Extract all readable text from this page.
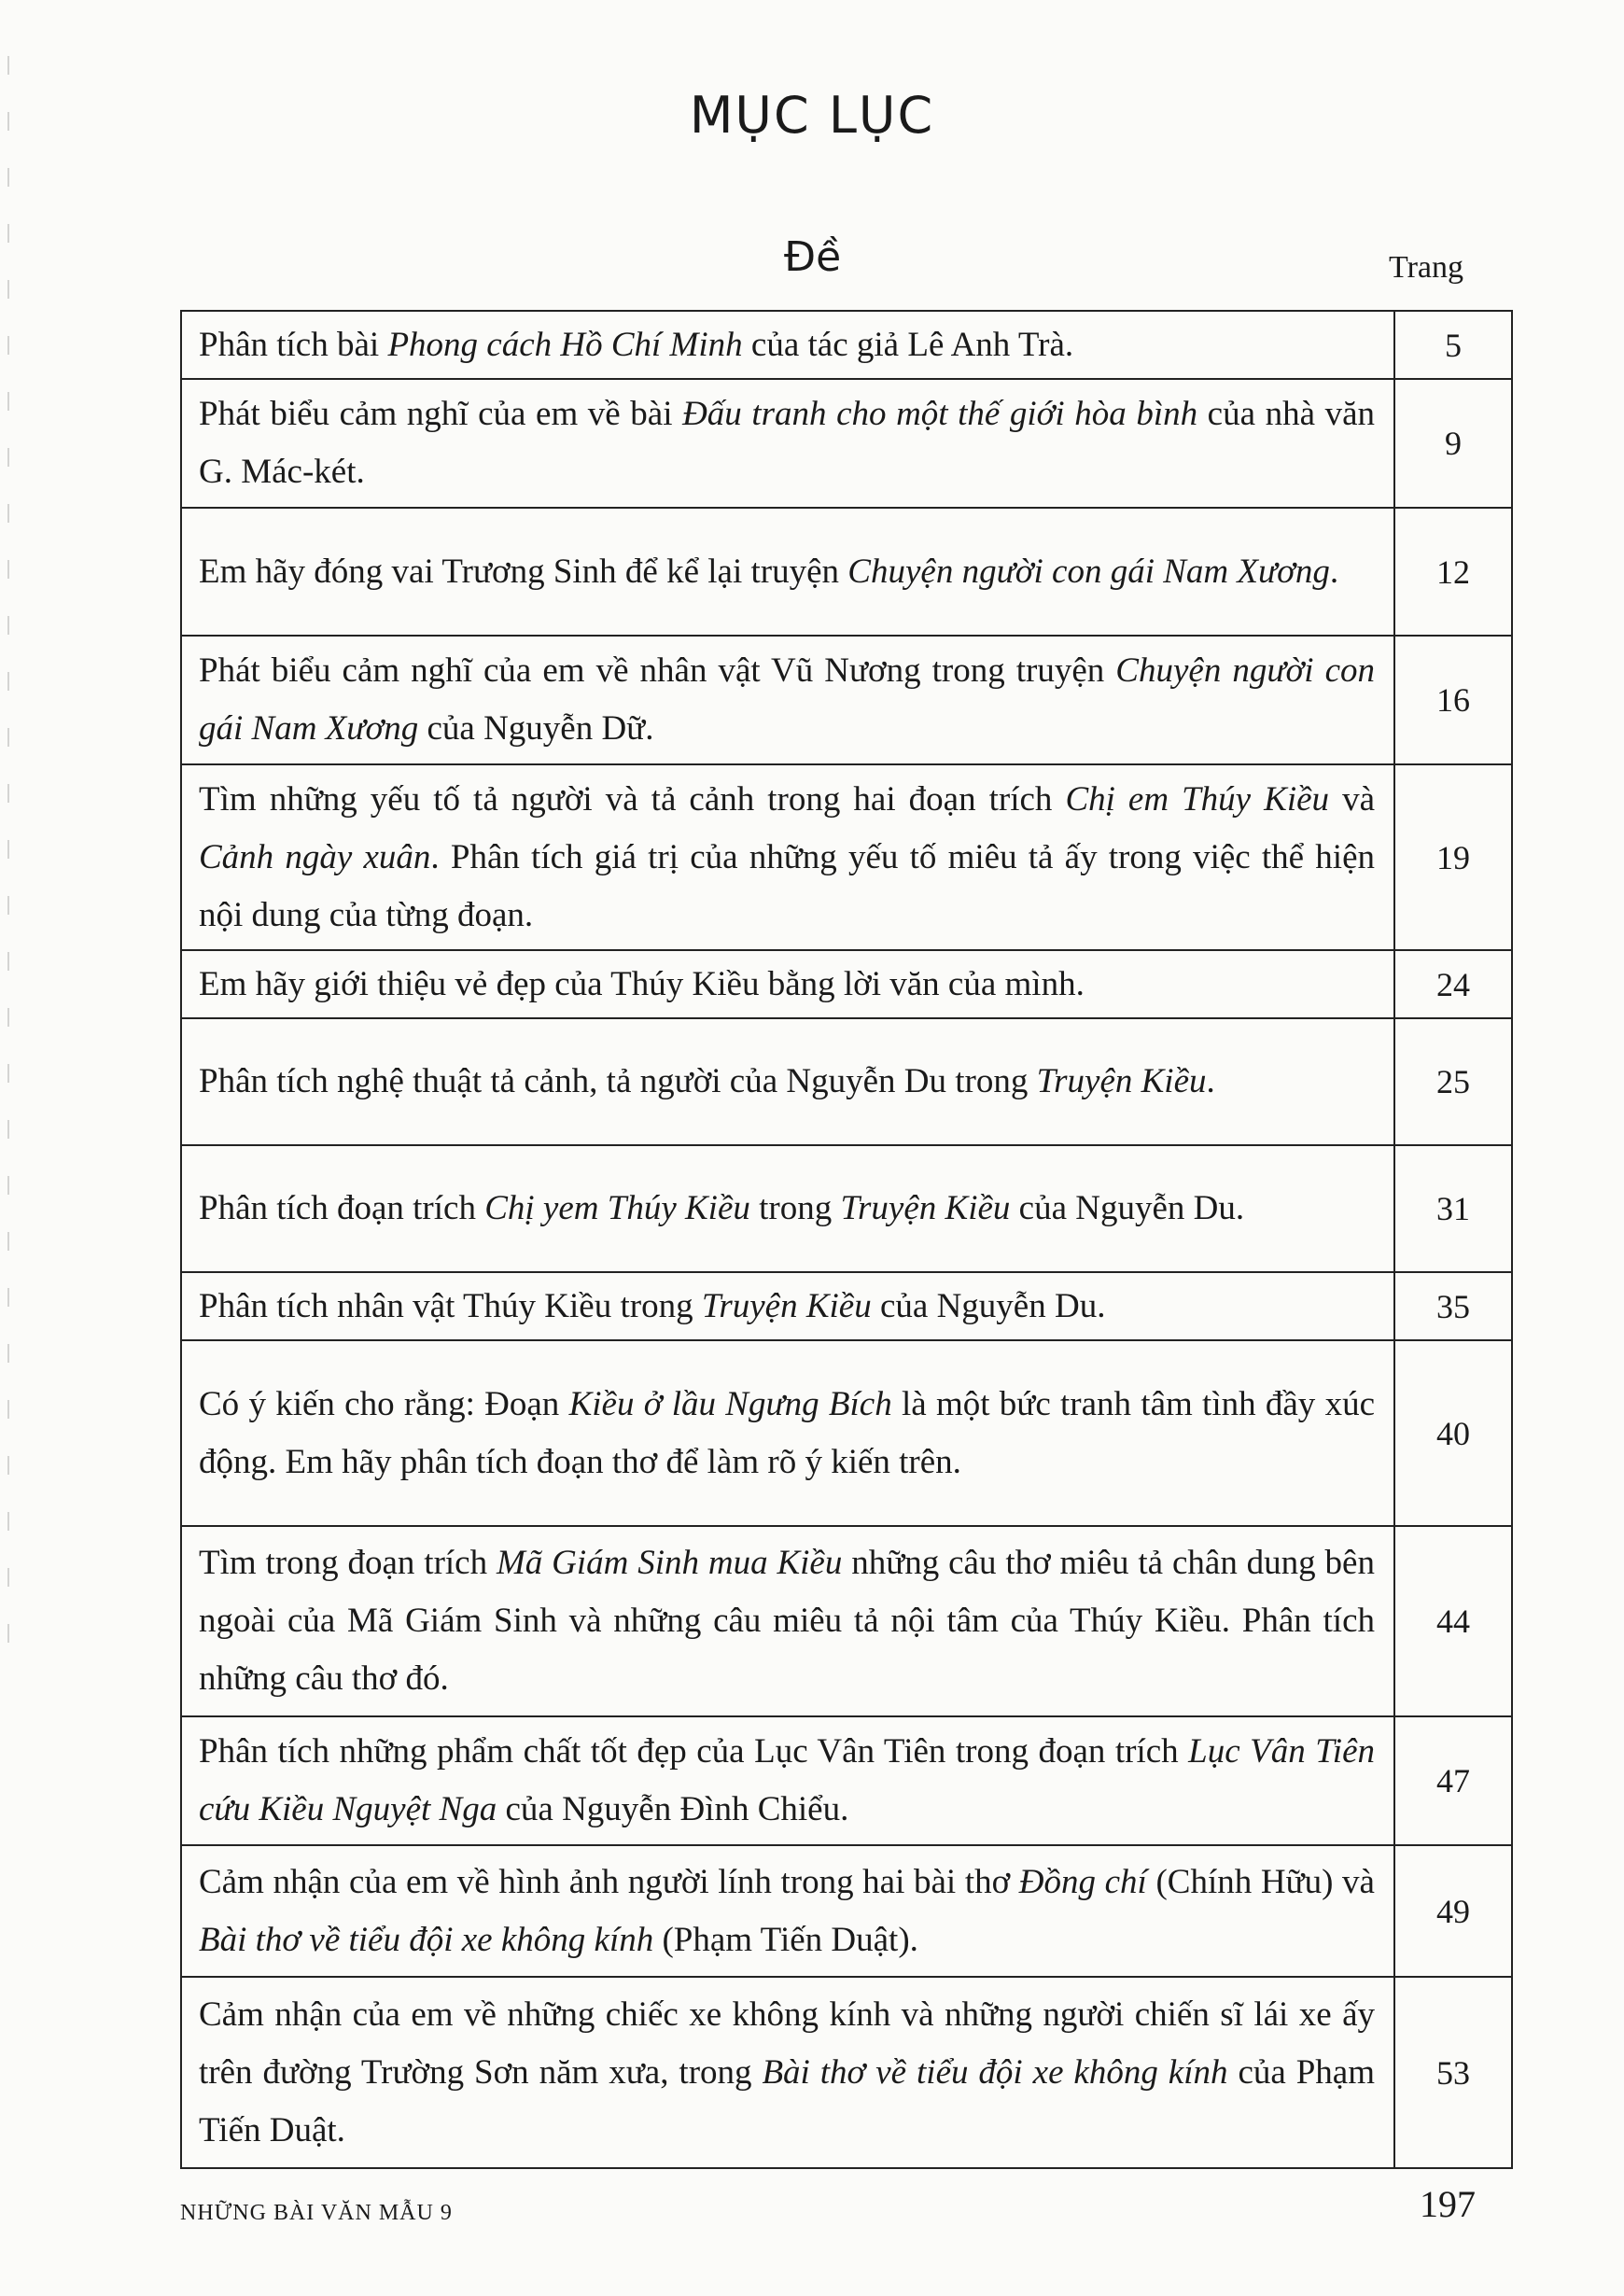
MỤC LỤC
Đề	Trang
Phân tích bài Phong cách Hồ Chí Minh của tác giả Lê Anh Trà.	5
Phát biểu cảm nghĩ của em về bài Đấu tranh cho một thế giới hòa bình của nhà văn G. Mác-két.	9
Em hãy đóng vai Trương Sinh để kể lại truyện Chuyện người con gái Nam Xương.	12
Phát biểu cảm nghĩ của em về nhân vật Vũ Nương trong truyện Chuyện người con gái Nam Xương của Nguyễn Dữ.	16
Tìm những yếu tố tả người và tả cảnh trong hai đoạn trích Chị em Thúy Kiều và Cảnh ngày xuân. Phân tích giá trị của những yếu tố miêu tả ấy trong việc thể hiện nội dung của từng đoạn.	19
Em hãy giới thiệu vẻ đẹp của Thúy Kiều bằng lời văn của mình.	24
Phân tích nghệ thuật tả cảnh, tả người của Nguyễn Du trong Truyện Kiều.	25
Phân tích đoạn trích Chị yem Thúy Kiều trong Truyện Kiều của Nguyễn Du.	31
Phân tích nhân vật Thúy Kiều trong Truyện Kiều của Nguyễn Du.	35
Có ý kiến cho rằng: Đoạn Kiều ở lầu Ngưng Bích là một bức tranh tâm tình đầy xúc động. Em hãy phân tích đoạn thơ để làm rõ ý kiến trên.	40
Tìm trong đoạn trích Mã Giám Sinh mua Kiều những câu thơ miêu tả chân dung bên ngoài của Mã Giám Sinh và những câu miêu tả nội tâm của Thúy Kiều. Phân tích những câu thơ đó.	44
Phân tích những phẩm chất tốt đẹp của Lục Vân Tiên trong đoạn trích Lục Vân Tiên cứu Kiều Nguyệt Nga của Nguyễn Đình Chiểu.	47
Cảm nhận của em về hình ảnh người lính trong hai bài thơ Đồng chí (Chính Hữu) và Bài thơ về tiểu đội xe không kính (Phạm Tiến Duật).	49
Cảm nhận của em về những chiếc xe không kính và những người chiến sĩ lái xe ấy trên đường Trường Sơn năm xưa, trong Bài thơ về tiểu đội xe không kính của Phạm Tiến Duật.	53
NHỮNG BÀI VĂN MẪU 9	197
